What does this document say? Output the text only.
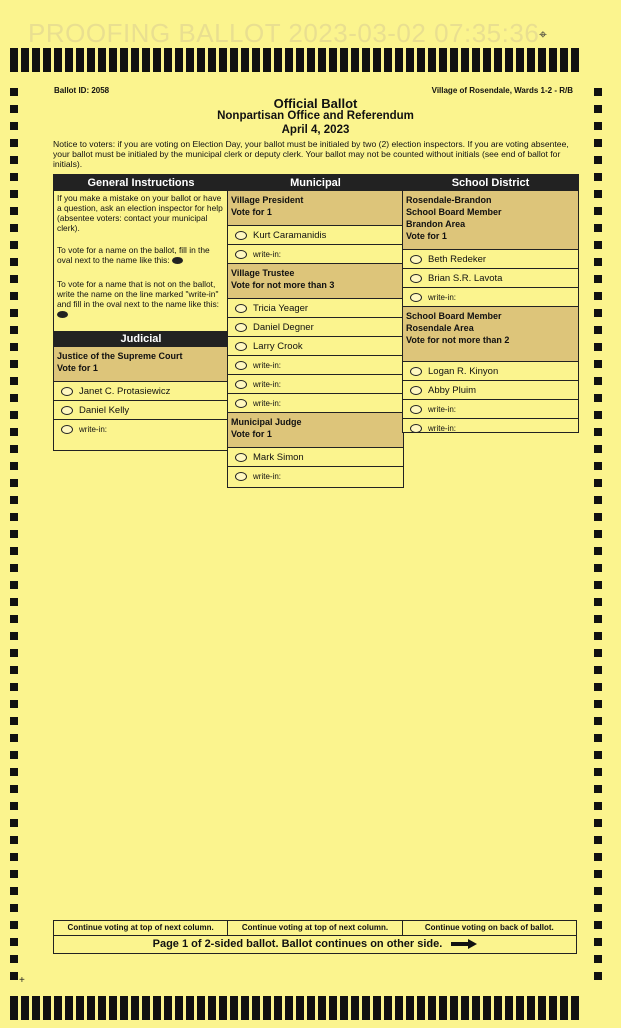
PROOFING BALLOT 2023-03-02 07:35:36 ⌖
+
Ballot ID: 2058	Village of Rosendale, Wards 1-2 - R/B
Official Ballot
Nonpartisan Office and Referendum
April 4, 2023
Notice to voters: if you are voting on Election Day, your ballot must be initialed by two (2) election inspectors. If you are voting absentee, your ballot must be initialed by the municipal clerk or deputy clerk. Your ballot may not be counted without initials (see end of ballot for initials).
General Instructions
If you make a mistake on your ballot or have a question, ask an election inspector for help (absentee voters: contact your municipal clerk).
To vote for a name on the ballot, fill in the oval next to the name like this:
To vote for a name that is not on the ballot, write the name on the line marked "write-in" and fill in the oval next to the name like this:
Judicial
Justice of the Supreme Court
Vote for 1
Janet C. Protasiewicz
Daniel Kelly
write-in:
Municipal
Village President
Vote for 1
Kurt Caramanidis
write-in:
Village Trustee
Vote for not more than 3
Tricia Yeager
Daniel Degner
Larry Crook
write-in:
write-in:
write-in:
Municipal Judge
Vote for 1
Mark Simon
write-in:
School District
Rosendale-Brandon
School Board Member
Brandon Area
Vote for 1
Beth Redeker
Brian S.R. Lavota
write-in:
School Board Member
Rosendale Area
Vote for not more than 2
Logan R. Kinyon
Abby Pluim
write-in:
write-in:
Continue voting at top of next column.	Continue voting at top of next column.	Continue voting on back of ballot.
Page 1 of 2-sided ballot. Ballot continues on other side.
